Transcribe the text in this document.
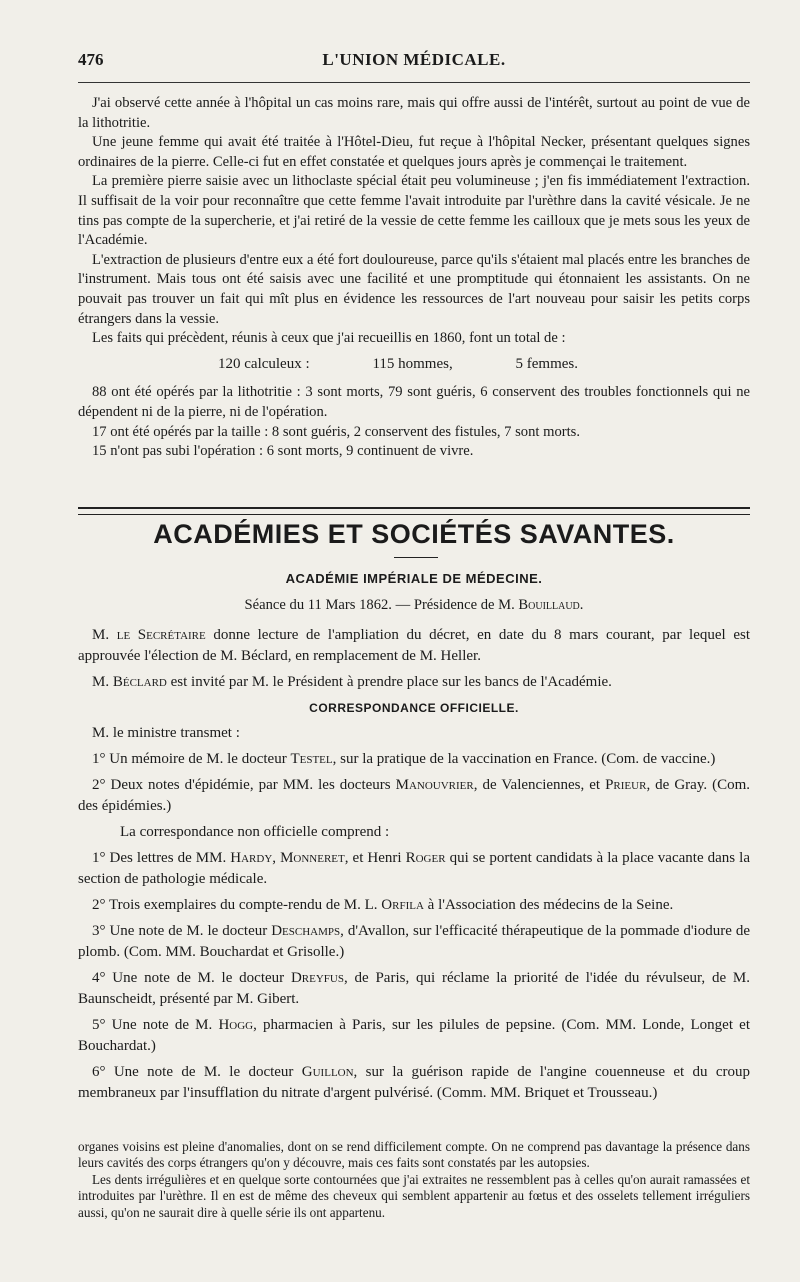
476	L'UNION MÉDICALE.

J'ai observé cette année à l'hôpital un cas moins rare, mais qui offre aussi de l'intérêt, surtout au point de vue de la lithotritie.

Une jeune femme qui avait été traitée à l'Hôtel-Dieu, fut reçue à l'hôpital Necker, présentant quelques signes ordinaires de la pierre. Celle-ci fut en effet constatée et quelques jours après je commençai le traitement.

La première pierre saisie avec un lithoclaste spécial était peu volumineuse ; j'en fis immédiatement l'extraction. Il suffisait de la voir pour reconnaître que cette femme l'avait introduite par l'urèthre dans la cavité vésicale. Je ne tins pas compte de la supercherie, et j'ai retiré de la vessie de cette femme les cailloux que je mets sous les yeux de l'Académie.

L'extraction de plusieurs d'entre eux a été fort douloureuse, parce qu'ils s'étaient mal placés entre les branches de l'instrument. Mais tous ont été saisis avec une facilité et une promptitude qui étonnaient les assistants. On ne pouvait pas trouver un fait qui mît plus en évidence les ressources de l'art nouveau pour saisir les petits corps étrangers dans la vessie.

Les faits qui précèdent, réunis à ceux que j'ai recueillis en 1860, font un total de :

120 calculeux :	115 hommes,	5 femmes.

88 ont été opérés par la lithotritie : 3 sont morts, 79 sont guéris, 6 conservent des troubles fonctionnels qui ne dépendent ni de la pierre, ni de l'opération.

17 ont été opérés par la taille : 8 sont guéris, 2 conservent des fistules, 7 sont morts.

15 n'ont pas subi l'opération : 6 sont morts, 9 continuent de vivre.

ACADÉMIES ET SOCIÉTÉS SAVANTES.
ACADÉMIE IMPÉRIALE DE MÉDECINE.
Séance du 11 Mars 1862. — Présidence de M. Bouillaud.

M. le Secrétaire donne lecture de l'ampliation du décret, en date du 8 mars courant, par lequel est approuvée l'élection de M. Béclard, en remplacement de M. Heller.

M. Béclard est invité par M. le Président à prendre place sur les bancs de l'Académie.

CORRESPONDANCE OFFICIELLE.

M. le ministre transmet :

1° Un mémoire de M. le docteur Testel, sur la pratique de la vaccination en France. (Com. de vaccine.)

2° Deux notes d'épidémie, par MM. les docteurs Manouvrier, de Valenciennes, et Prieur, de Gray. (Com. des épidémies.)

La correspondance non officielle comprend :

1° Des lettres de MM. Hardy, Monneret, et Henri Roger qui se portent candidats à la place vacante dans la section de pathologie médicale.

2° Trois exemplaires du compte-rendu de M. L. Orfila à l'Association des médecins de la Seine.

3° Une note de M. le docteur Deschamps, d'Avallon, sur l'efficacité thérapeutique de la pommade d'iodure de plomb. (Com. MM. Bouchardat et Grisolle.)

4° Une note de M. le docteur Dreyfus, de Paris, qui réclame la priorité de l'idée du révulseur, de M. Baunscheidt, présenté par M. Gibert.

5° Une note de M. Hogg, pharmacien à Paris, sur les pilules de pepsine. (Com. MM. Londe, Longet et Bouchardat.)

6° Une note de M. le docteur Guillon, sur la guérison rapide de l'angine couenneuse et du croup membraneux par l'insufflation du nitrate d'argent pulvérisé. (Comm. MM. Briquet et Trousseau.)

organes voisins est pleine d'anomalies, dont on se rend difficilement compte. On ne comprend pas davantage la présence dans leurs cavités des corps étrangers qu'on y découvre, mais ces faits sont constatés par les autopsies.

Les dents irrégulières et en quelque sorte contournées que j'ai extraites ne ressemblent pas à celles qu'on aurait ramassées et introduites par l'urèthre. Il en est de même des cheveux qui semblent appartenir au fœtus et des osselets tellement irréguliers aussi, qu'on ne saurait dire à quelle série ils ont appartenu.
